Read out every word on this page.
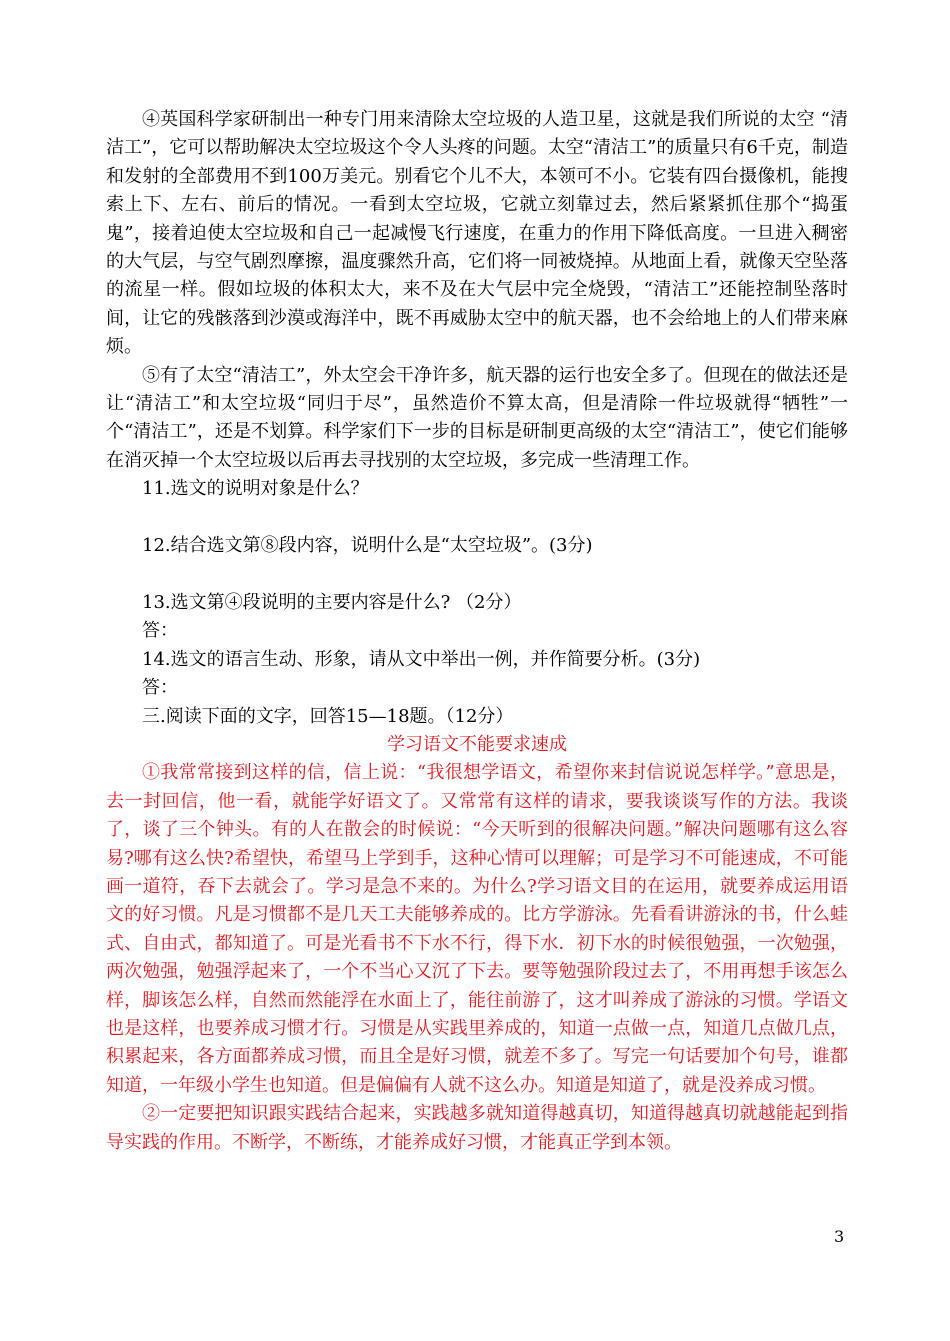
④英国科学家研制出一种专门用来清除太空垃圾的人造卫星，这就是我们所说的太空 “清洁工”，它可以帮助解决太空垃圾这个令人头疼的问题。太空“清洁工”的质量只有6千克，制造和发射的全部费用不到100万美元。别看它个儿不大，本领可不小。它装有四台摄像机，能搜索上下、左右、前后的情况。一看到太空垃圾，它就立刻靠过去，然后紧紧抓住那个“捣蛋鬼”，接着迫使太空垃圾和自己一起减慢飞行速度，在重力的作用下降低高度。一旦进入稠密的大气层，与空气剧烈摩擦，温度骤然升高，它们将一同被烧掉。从地面上看，就像天空坠落的流星一样。假如垃圾的体积太大，来不及在大气层中完全烧毁，“清洁工”还能控制坠落时间，让它的残骸落到沙漠或海洋中，既不再威胁太空中的航天器，也不会给地上的人们带来麻烦。

⑤有了太空“清洁工”，外太空会干净许多，航天器的运行也安全多了。但现在的做法还是让“清洁工”和太空垃圾“同归于尽”，虽然造价不算太高，但是清除一件垃圾就得“牺牲”一个“清洁工”，还是不划算。科学家们下一步的目标是研制更高级的太空“清洁工”，使它们能够在消灭掉一个太空垃圾以后再去寻找别的太空垃圾，多完成一些清理工作。

11.选文的说明对象是什么？

12.结合选文第⑧段内容，说明什么是“太空垃圾”。(3分)

13.选文第④段说明的主要内容是什么? （2分）

答：

14.选文的语言生动、形象，请从文中举出一例，并作简要分析。(3分)

答：

三.阅读下面的文字，回答15—18题。（12分）

学习语文不能要求速成

①我常常接到这样的信，信上说：“我很想学语文，希望你来封信说说怎样学。”意思是，去一封回信，他一看，就能学好语文了。又常常有这样的请求，要我谈谈写作的方法。我谈了，谈了三个钟头。有的人在散会的时候说：“今天听到的很解决问题。”解决问题哪有这么容易?哪有这么快?希望快，希望马上学到手，这种心情可以理解；可是学习不可能速成，不可能画一道符，吞下去就会了。学习是急不来的。为什么?学习语文目的在运用，就要养成运用语文的好习惯。凡是习惯都不是几天工夫能够养成的。比方学游泳。先看看讲游泳的书，什么蛙式、自由式，都知道了。可是光看书不下水不行，得下水．初下水的时候很勉强，一次勉强，两次勉强，勉强浮起来了，一个不当心又沉了下去。要等勉强阶段过去了，不用再想手该怎么样，脚该怎么样，自然而然能浮在水面上了，能往前游了，这才叫养成了游泳的习惯。学语文也是这样，也要养成习惯才行。习惯是从实践里养成的，知道一点做一点，知道几点做几点，积累起来，各方面都养成习惯，而且全是好习惯，就差不多了。写完一句话要加个句号，谁都知道，一年级小学生也知道。但是偏偏有人就不这么办。知道是知道了，就是没养成习惯。

②一定要把知识跟实践结合起来，实践越多就知道得越真切，知道得越真切就越能起到指导实践的作用。不断学，不断练，才能养成好习惯，才能真正学到本领。

3
